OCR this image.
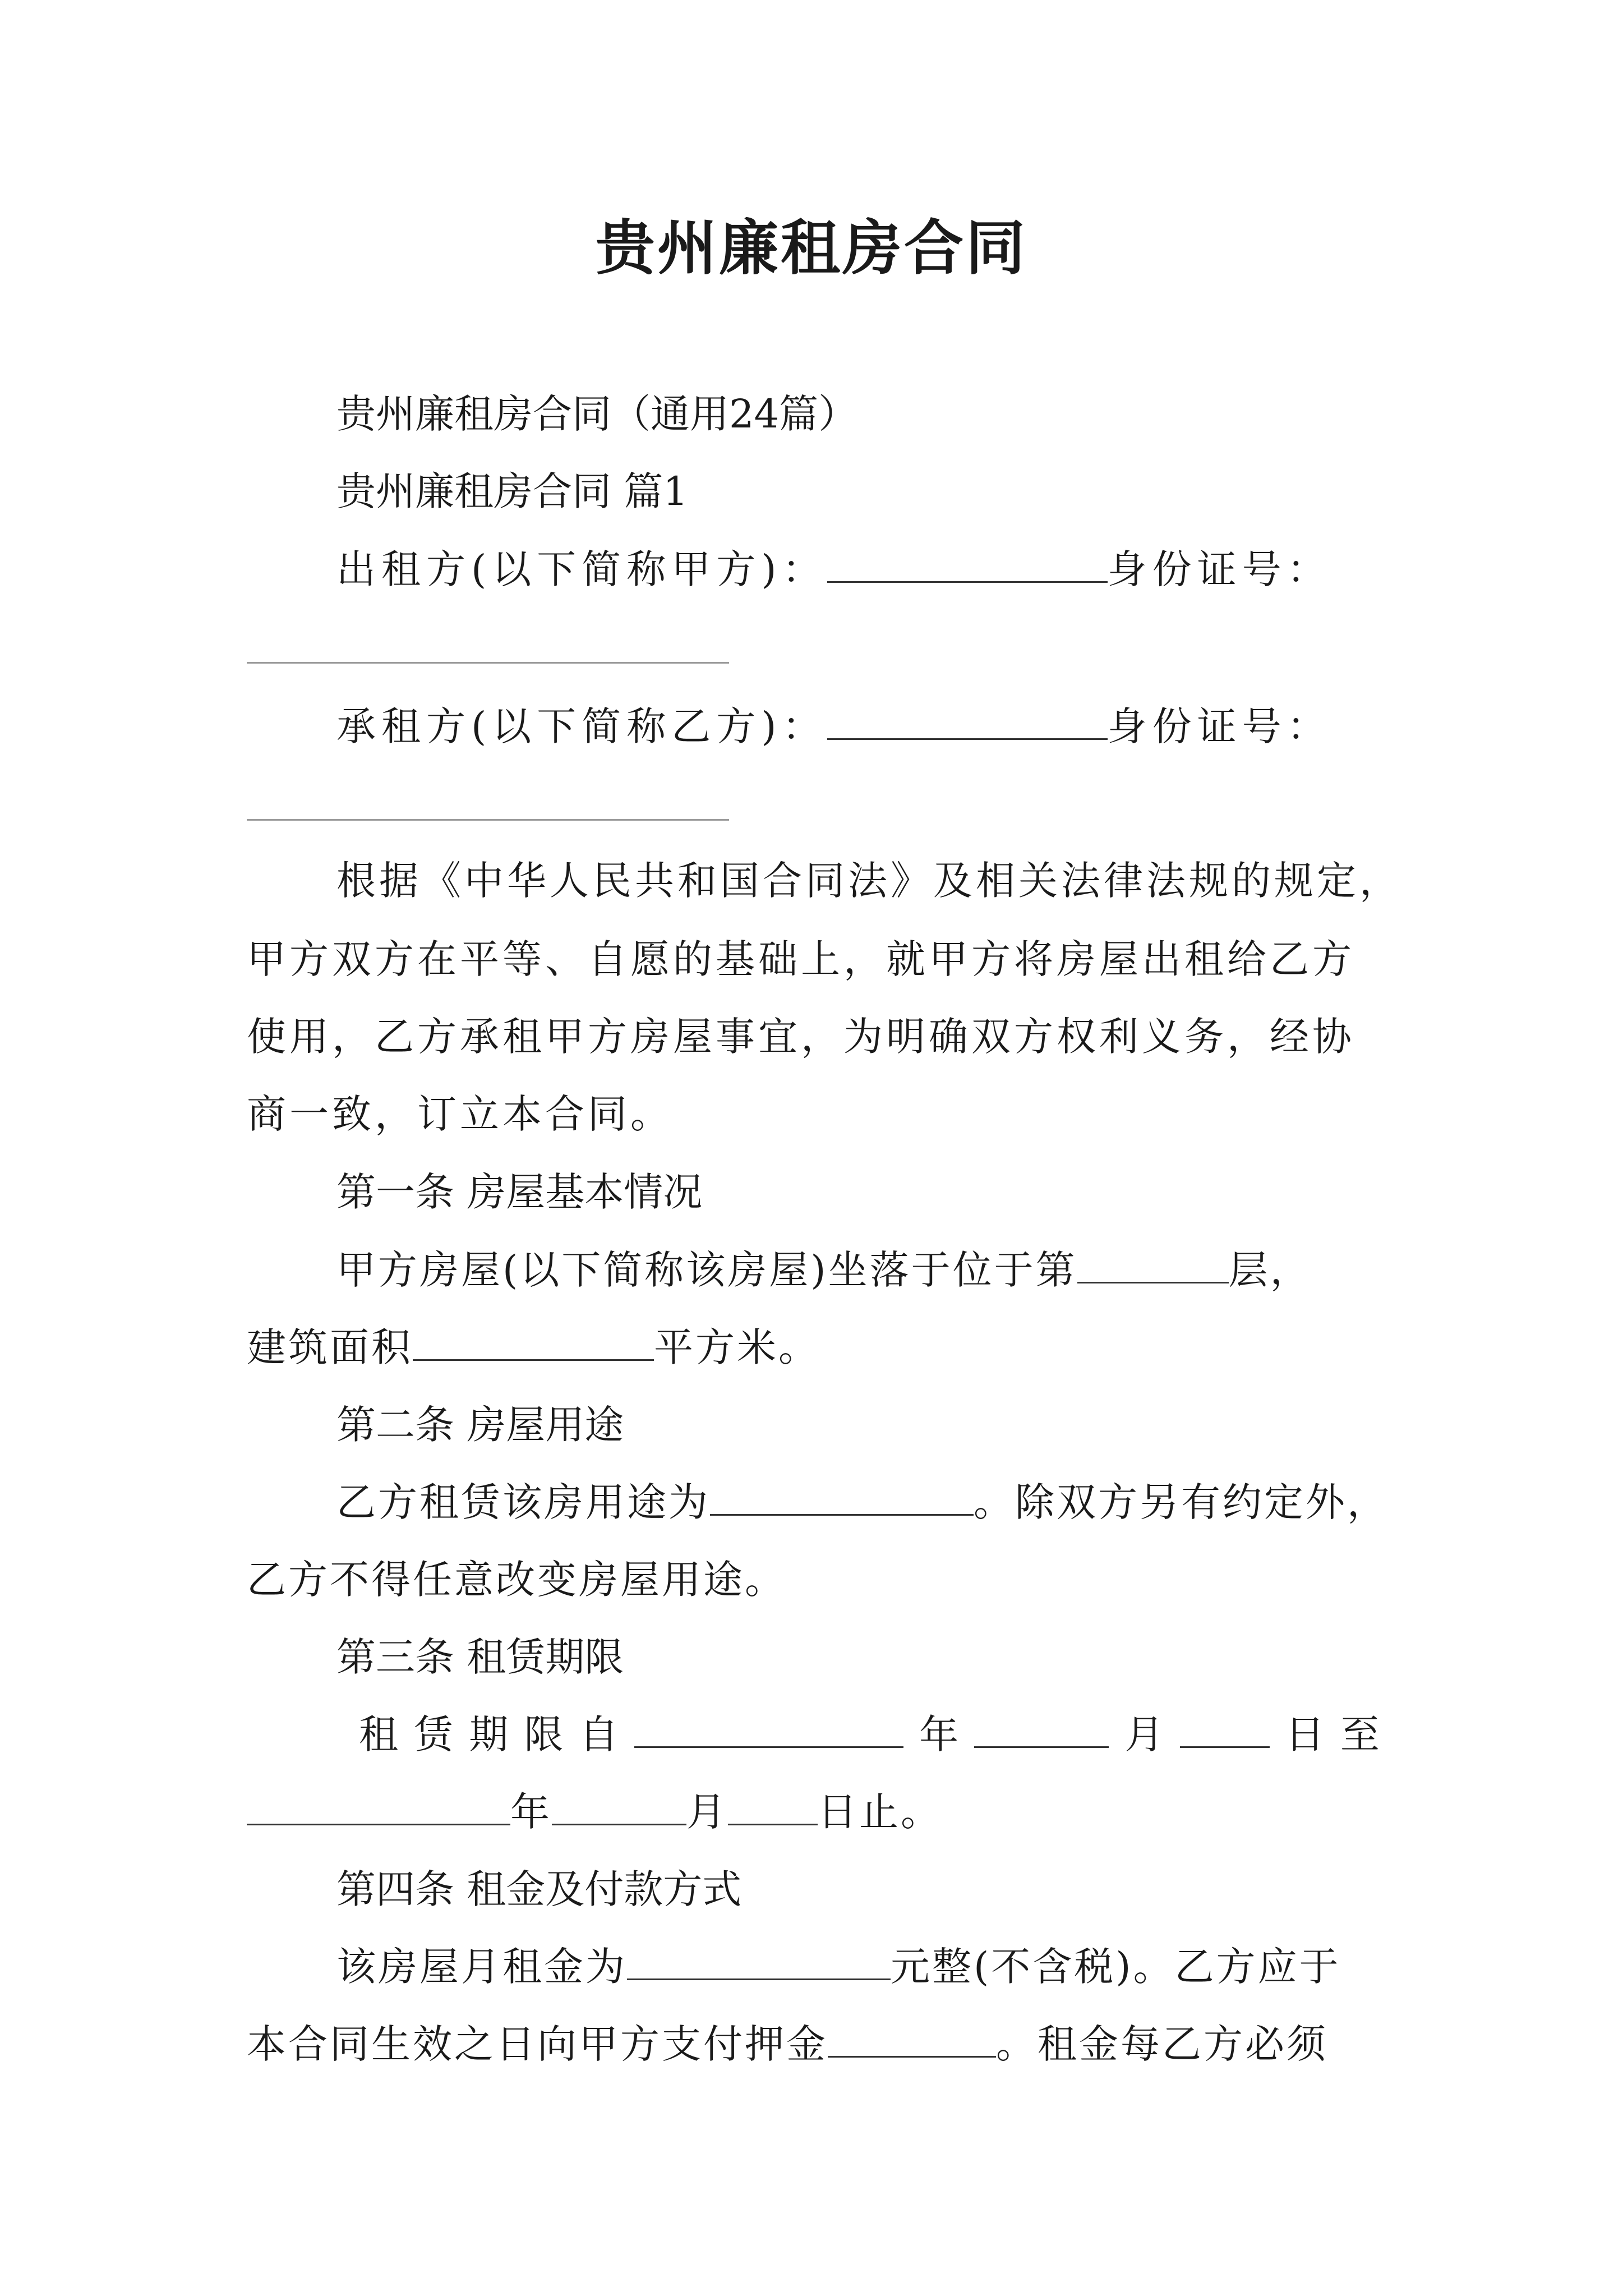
贵州廉租房合同
贵州廉租房合同（通用24篇）
贵州廉租房合同 篇1
出租方(以下简称甲方)：	身份证号：
承租方(以下简称乙方)：	身份证号：
根据《中华人民共和国合同法》及相关法律法规的规定，
甲方双方在平等、自愿的基础上，就甲方将房屋出租给乙方
使用，乙方承租甲方房屋事宜，为明确双方权利义务，经协
商一致，订立本合同。
第一条 房屋基本情况
甲方房屋(以下简称该房屋)坐落于位于第	层，
建筑面积	平方米。
第二条 房屋用途
乙方租赁该房用途为	。除双方另有约定外，
乙方不得任意改变房屋用途。
第三条 租赁期限
租 赁 期 限 自	年	月	日 至
年	月 日止。
第四条 租金及付款方式
该房屋月租金为	元整(不含税)。乙方应于
本合同生效之日向甲方支付押金	。租金每乙方必须
